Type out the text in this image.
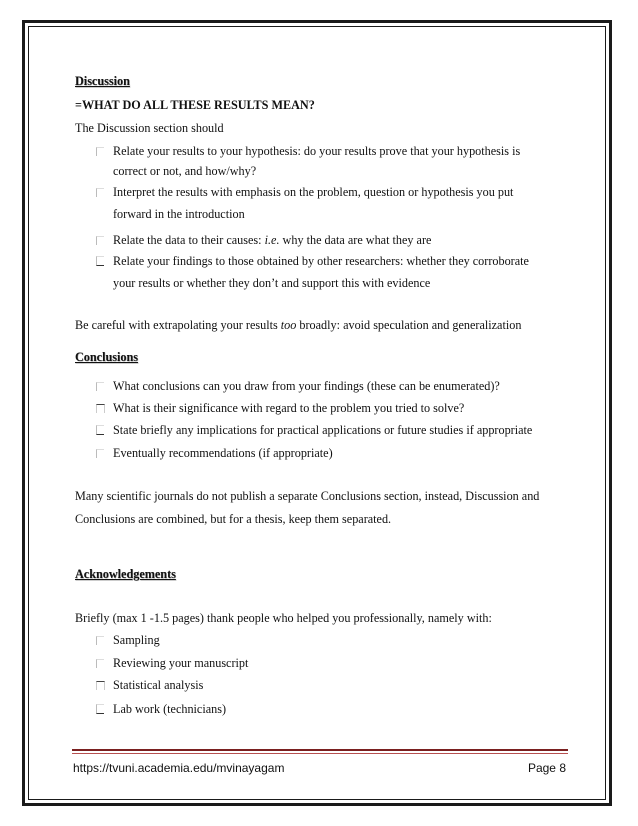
Discussion
=WHAT DO ALL THESE RESULTS MEAN?
The Discussion section should
Relate your results to your hypothesis: do your results prove that your hypothesis is
correct or not, and how/why?
Interpret the results with emphasis on the problem, question or hypothesis you put
forward in the introduction
Relate the data to their causes: i.e. why the data are what they are
Relate your findings to those obtained by other researchers: whether they corroborate
your results or whether they don’t and support this with evidence
Be careful with extrapolating your results too broadly: avoid speculation and generalization
Conclusions
What conclusions can you draw from your findings (these can be enumerated)?
What is their significance with regard to the problem you tried to solve?
State briefly any implications for practical applications or future studies if appropriate
Eventually recommendations (if appropriate)
Many scientific journals do not publish a separate Conclusions section, instead, Discussion and
Conclusions are combined, but for a thesis, keep them separated.
Acknowledgements
Briefly (max 1 -1.5 pages) thank people who helped you professionally, namely with:
Sampling
Reviewing your manuscript
Statistical analysis
Lab work (technicians)
https://tvuni.academia.edu/mvinayagam	Page 8
